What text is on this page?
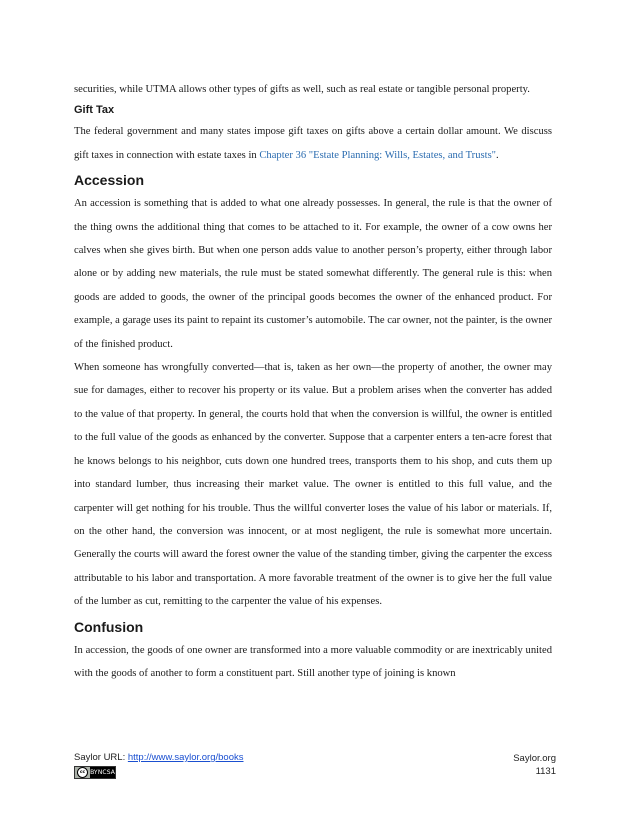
securities, while UTMA allows other types of gifts as well, such as real estate or tangible personal property.

Gift Tax

The federal government and many states impose gift taxes on gifts above a certain dollar amount. We discuss gift taxes in connection with estate taxes in Chapter 36 "Estate Planning: Wills, Estates, and Trusts".

Accession

An accession is something that is added to what one already possesses. In general, the rule is that the owner of the thing owns the additional thing that comes to be attached to it. For example, the owner of a cow owns her calves when she gives birth. But when one person adds value to another person’s property, either through labor alone or by adding new materials, the rule must be stated somewhat differently. The general rule is this: when goods are added to goods, the owner of the principal goods becomes the owner of the enhanced product. For example, a garage uses its paint to repaint its customer’s automobile. The car owner, not the painter, is the owner of the finished product.

When someone has wrongfully converted—that is, taken as her own—the property of another, the owner may sue for damages, either to recover his property or its value. But a problem arises when the converter has added to the value of that property. In general, the courts hold that when the conversion is willful, the owner is entitled to the full value of the goods as enhanced by the converter. Suppose that a carpenter enters a ten-acre forest that he knows belongs to his neighbor, cuts down one hundred trees, transports them to his shop, and cuts them up into standard lumber, thus increasing their market value. The owner is entitled to this full value, and the carpenter will get nothing for his trouble. Thus the willful converter loses the value of his labor or materials. If, on the other hand, the conversion was innocent, or at most negligent, the rule is somewhat more uncertain. Generally the courts will award the forest owner the value of the standing timber, giving the carpenter the excess attributable to his labor and transportation. A more favorable treatment of the owner is to give her the full value of the lumber as cut, remitting to the carpenter the value of his expenses.

Confusion

In accession, the goods of one owner are transformed into a more valuable commodity or are inextricably united with the goods of another to form a constituent part. Still another type of joining is known

Saylor URL: http://www.saylor.org/books
cc BY NC SA
Saylor.org
1131
